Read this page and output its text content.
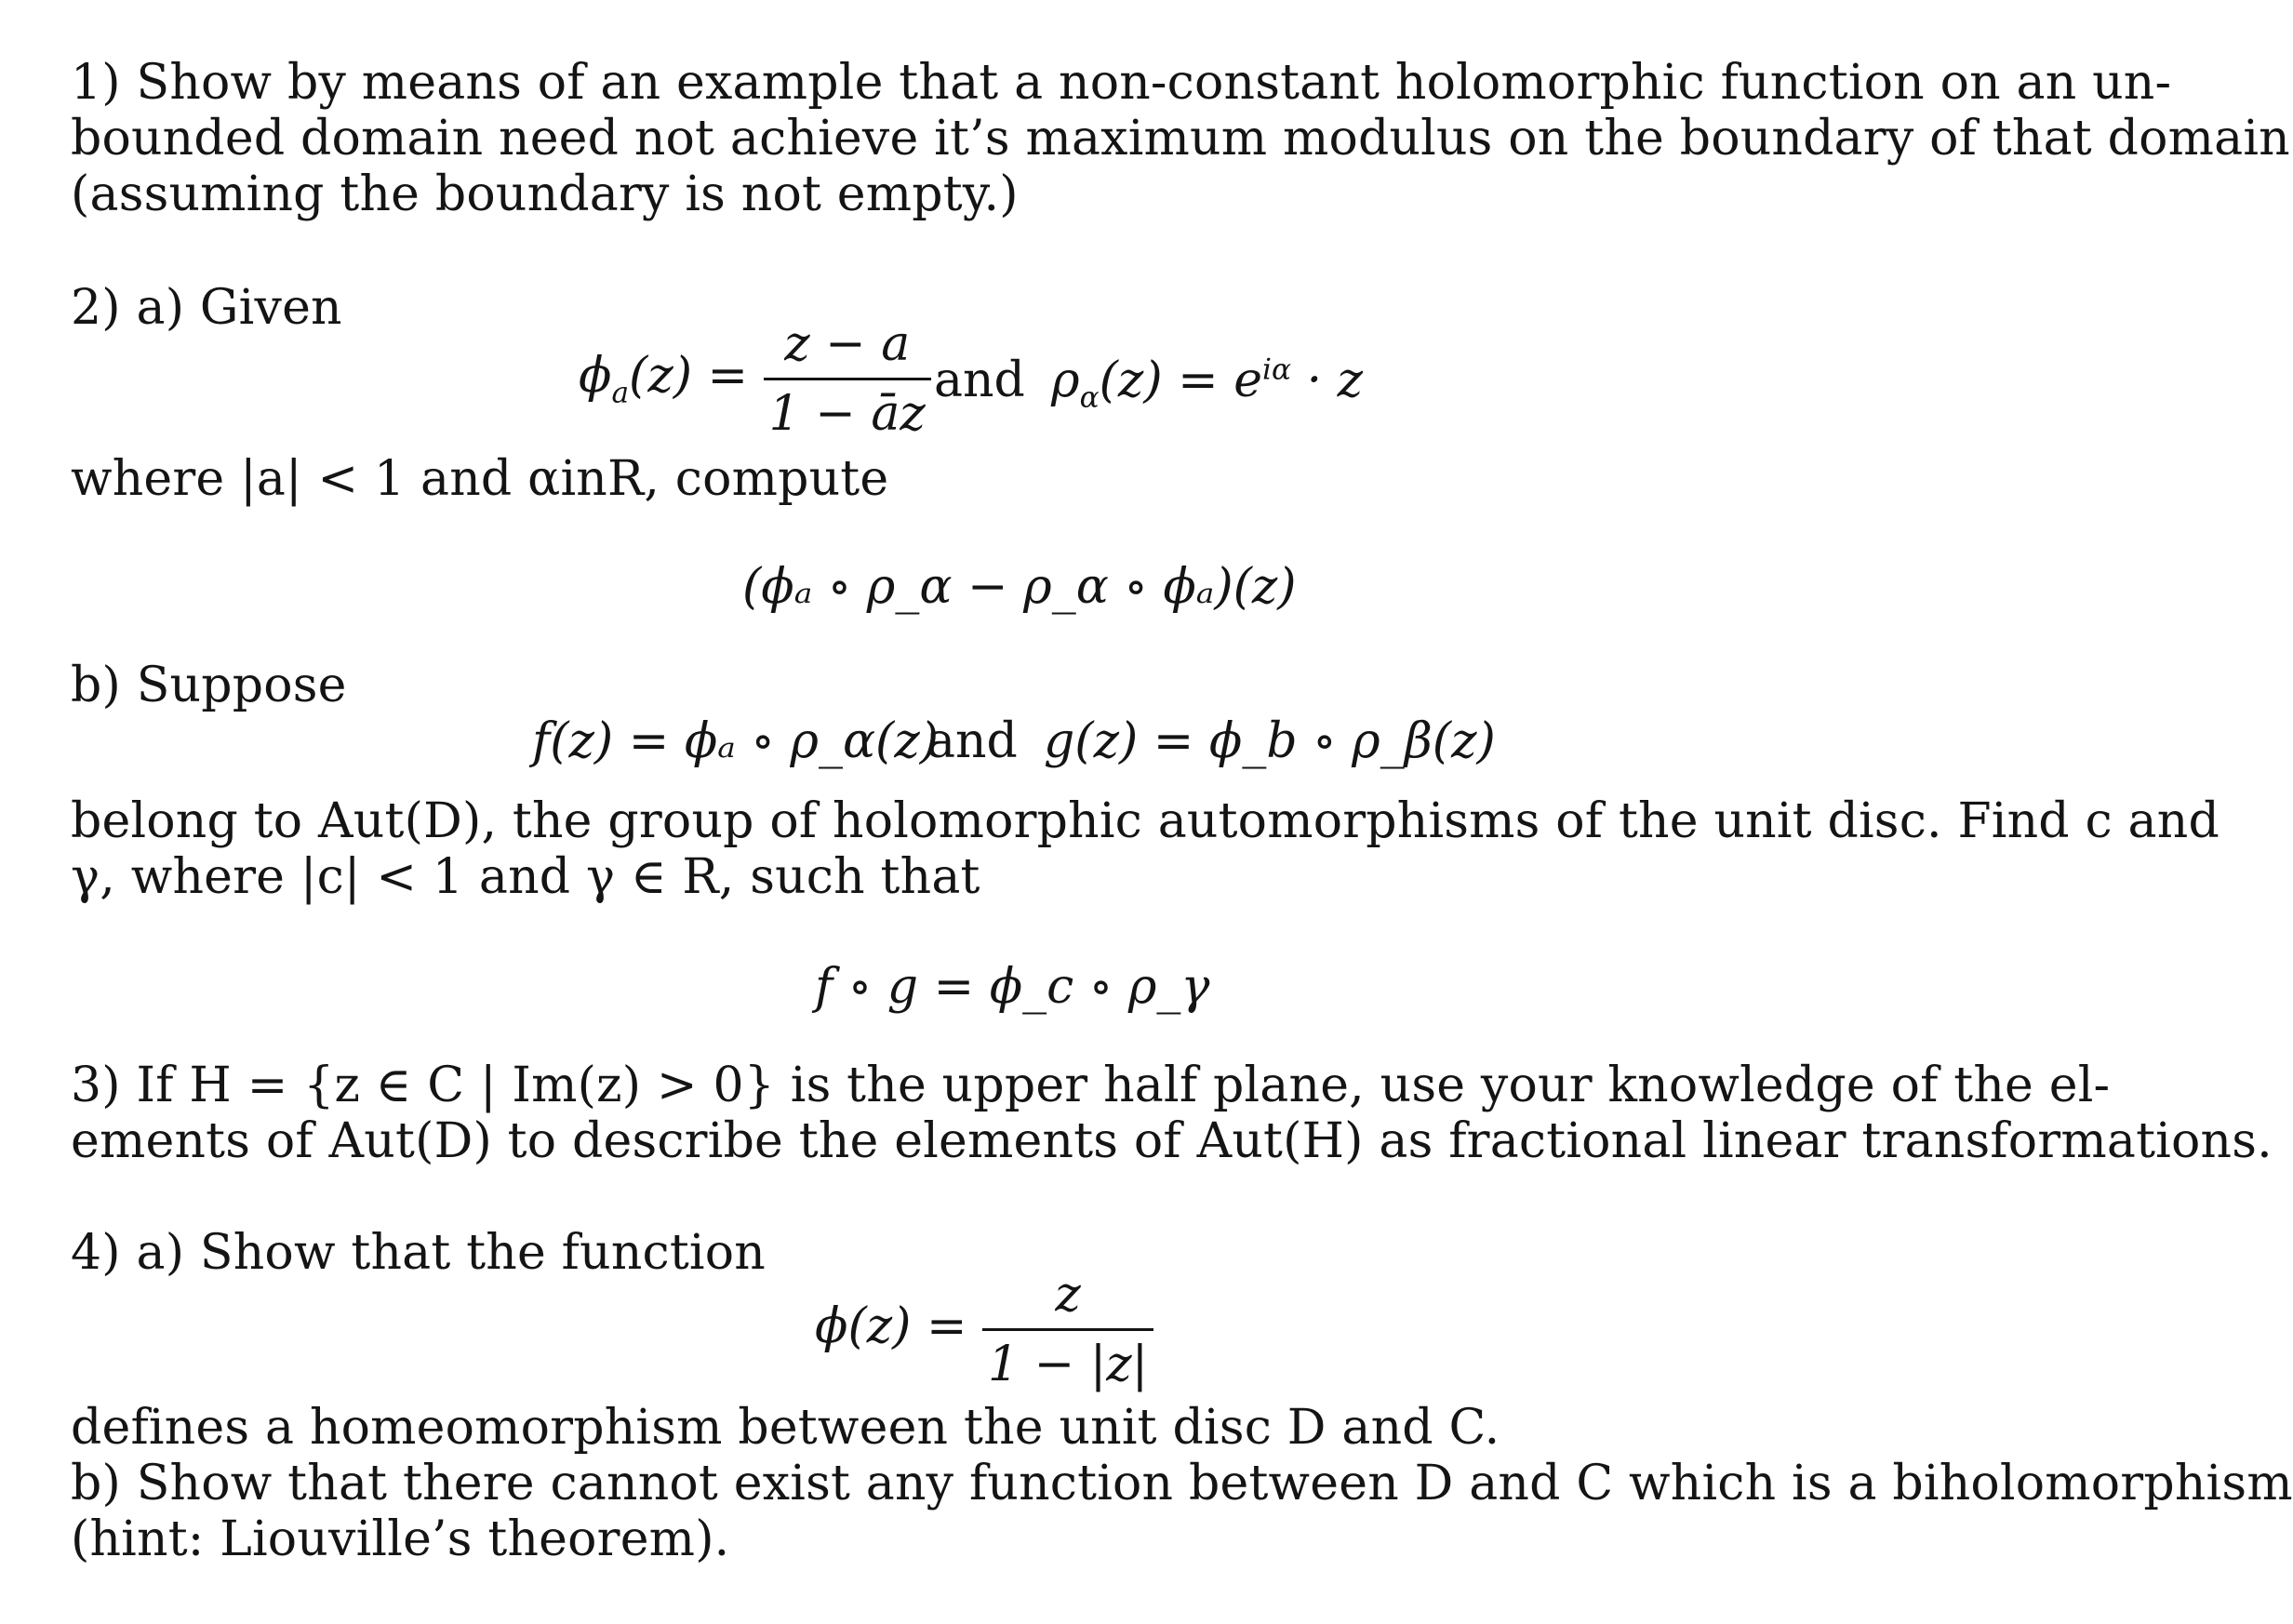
1) Show by means of an example that a non-constant holomorphic function on an un-
bounded domain need not achieve it’s maximum modulus on the boundary of that domain
(assuming the boundary is not empty.)
2) a) Given
$\phi_a(z) = \frac{z - a}{1 - āz}$ and $\rho_\alpha(z) = e^{i\alpha} \cdot z$
where |a| < 1 and αinR, compute
(ϕₐ ∘ ρ_α − ρ_α ∘ ϕₐ)(z)
b) Suppose
f(z) = ϕₐ ∘ ρ_α(z)
and g(z) = ϕ_b ∘ ρ_β(z)
belong to Aut(D), the group of holomorphic automorphisms of the unit disc. Find c and
γ, where |c| < 1 and γ ∈ R, such that
f ∘ g = ϕ_c ∘ ρ_γ
3) If H = {z ∈ C | Im(z) > 0} is the upper half plane, use your knowledge of the el-
ements of Aut(D) to describe the elements of Aut(H) as fractional linear transformations.
4) a) Show that the function
$\phi(z) = \frac{z}{1 - |z|}$
defines a homeomorphism between the unit disc D and C.
b) Show that there cannot exist any function between D and C which is a biholomorphism
(hint: Liouville’s theorem).
